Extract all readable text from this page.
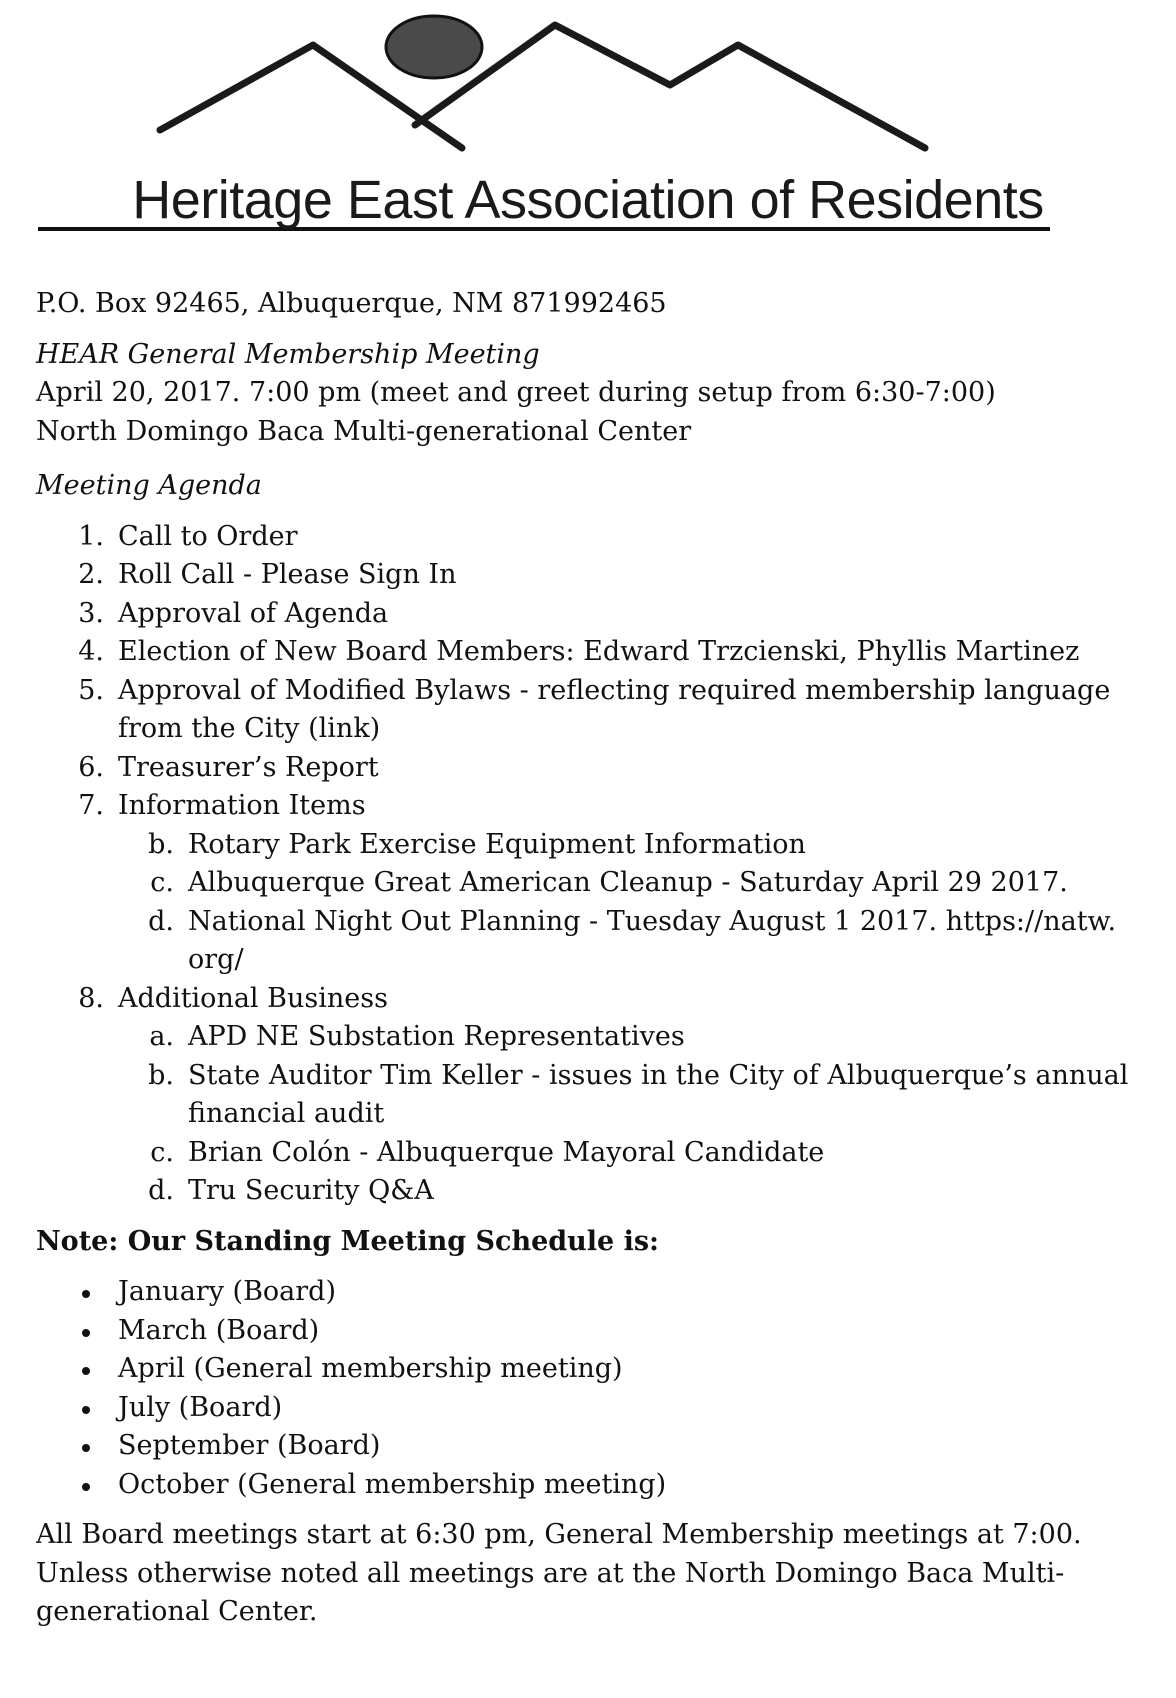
Heritage East Association of Residents

P.O. Box 92465, Albuquerque, NM 871992465

HEAR General Membership Meeting

April 20, 2017. 7:00 pm (meet and greet during setup from 6:30-7:00)

North Domingo Baca Multi-generational Center

Meeting Agenda

1. Call to Order
2. Roll Call - Please Sign In
3. Approval of Agenda
4. Election of New Board Members: Edward Trzcienski, Phyllis Martinez
5. Approval of Modified Bylaws - reflecting required membership language
from the City (link)
6. Treasurer’s Report
7. Information Items
b. Rotary Park Exercise Equipment Information
c. Albuquerque Great American Cleanup - Saturday April 29 2017.
d. National Night Out Planning - Tuesday August 1 2017. https://natw.
org/
8. Additional Business
a. APD NE Substation Representatives
b. State Auditor Tim Keller - issues in the City of Albuquerque’s annual
financial audit
c. Brian Colón - Albuquerque Mayoral Candidate
d. Tru Security Q&A

Note: Our Standing Meeting Schedule is:

January (Board)
March (Board)
April (General membership meeting)
July (Board)
September (Board)
October (General membership meeting)

All Board meetings start at 6:30 pm, General Membership meetings at 7:00.
Unless otherwise noted all meetings are at the North Domingo Baca Multi-
generational Center.
